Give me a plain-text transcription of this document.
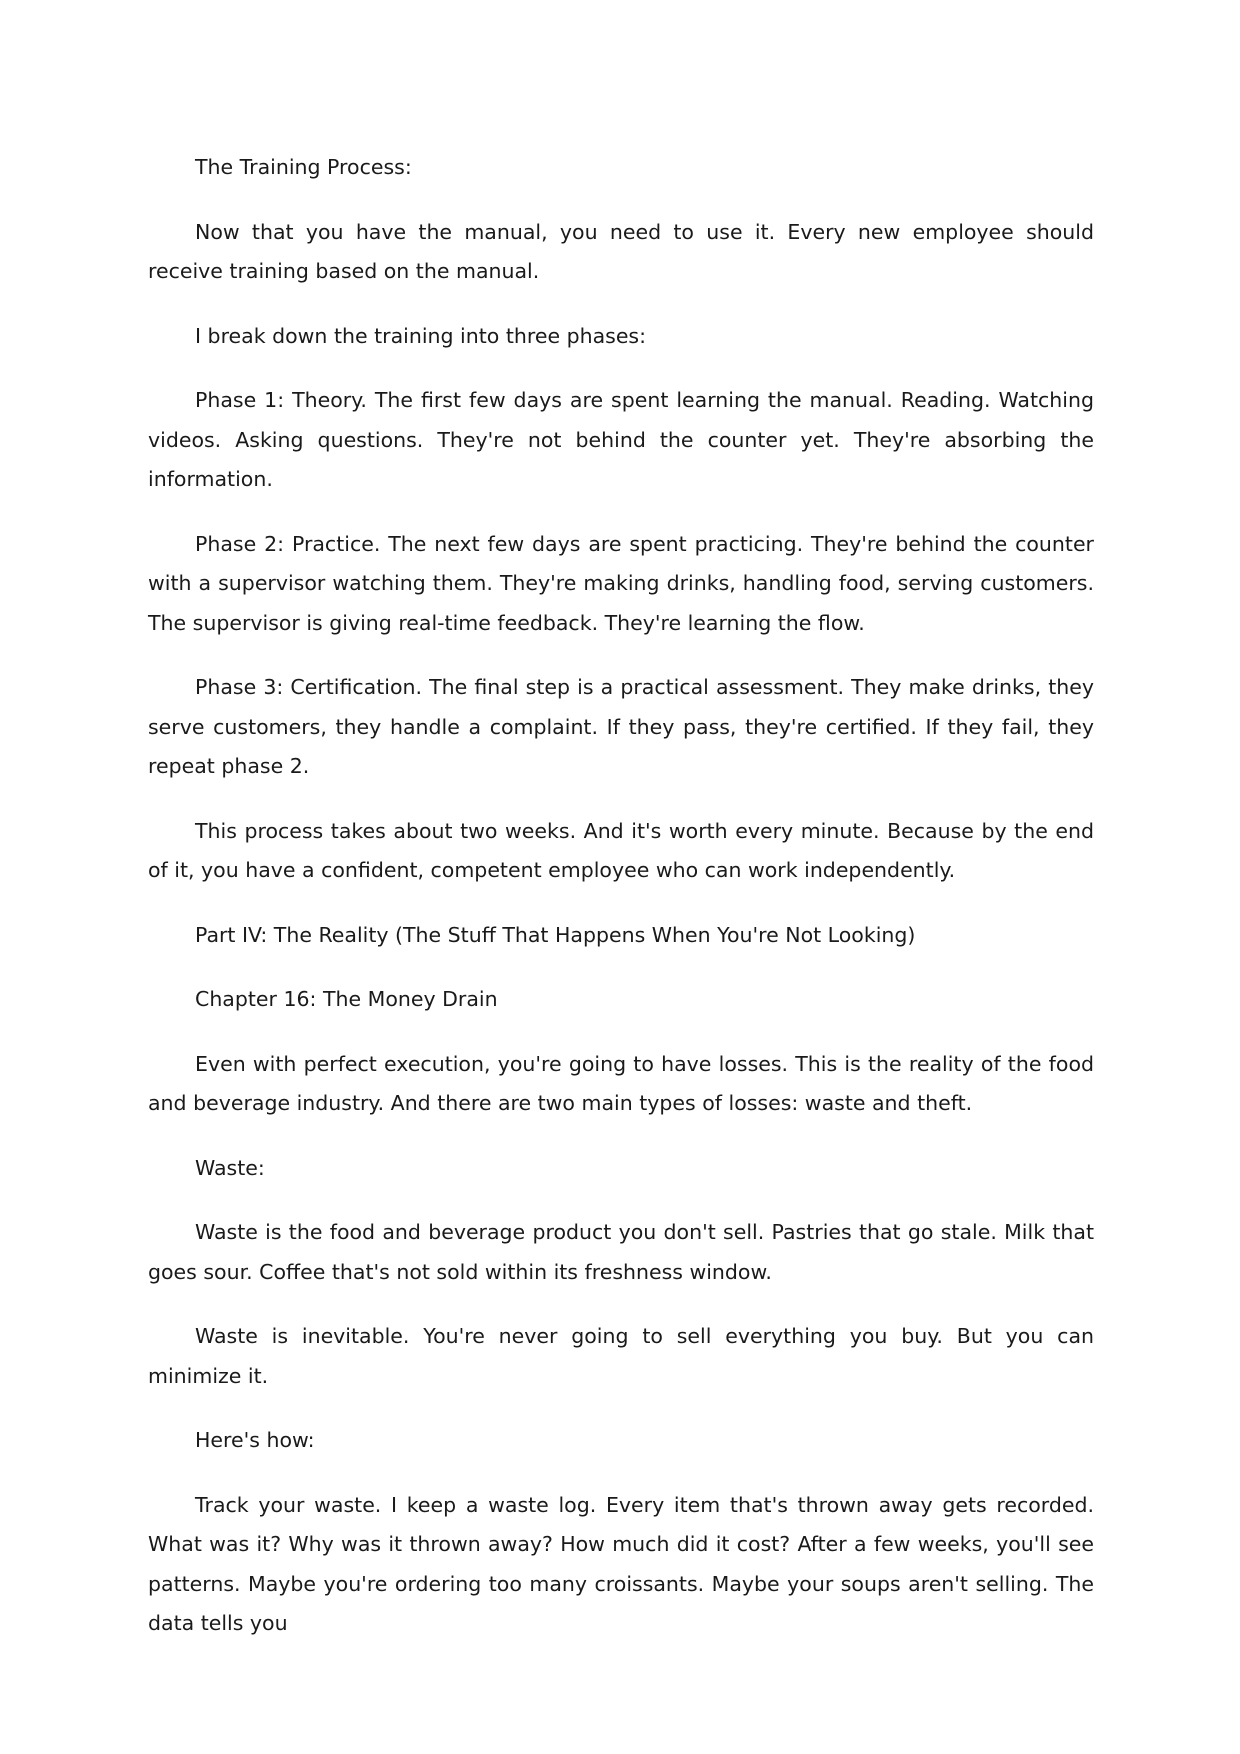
The Training Process:

Now that you have the manual, you need to use it. Every new employee should receive training based on the manual.

I break down the training into three phases:

Phase 1: Theory. The first few days are spent learning the manual. Reading. Watching videos. Asking questions. They're not behind the counter yet. They're absorbing the information.

Phase 2: Practice. The next few days are spent practicing. They're behind the counter with a supervisor watching them. They're making drinks, handling food, serving customers. The supervisor is giving real-time feedback. They're learning the flow.

Phase 3: Certification. The final step is a practical assessment. They make drinks, they serve customers, they handle a complaint. If they pass, they're certified. If they fail, they repeat phase 2.

This process takes about two weeks. And it's worth every minute. Because by the end of it, you have a confident, competent employee who can work independently.

Part IV: The Reality (The Stuff That Happens When You're Not Looking)

Chapter 16: The Money Drain

Even with perfect execution, you're going to have losses. This is the reality of the food and beverage industry. And there are two main types of losses: waste and theft.

Waste:

Waste is the food and beverage product you don't sell. Pastries that go stale. Milk that goes sour. Coffee that's not sold within its freshness window.

Waste is inevitable. You're never going to sell everything you buy. But you can minimize it.

Here's how:

Track your waste. I keep a waste log. Every item that's thrown away gets recorded. What was it? Why was it thrown away? How much did it cost? After a few weeks, you'll see patterns. Maybe you're ordering too many croissants. Maybe your soups aren't selling. The data tells you
